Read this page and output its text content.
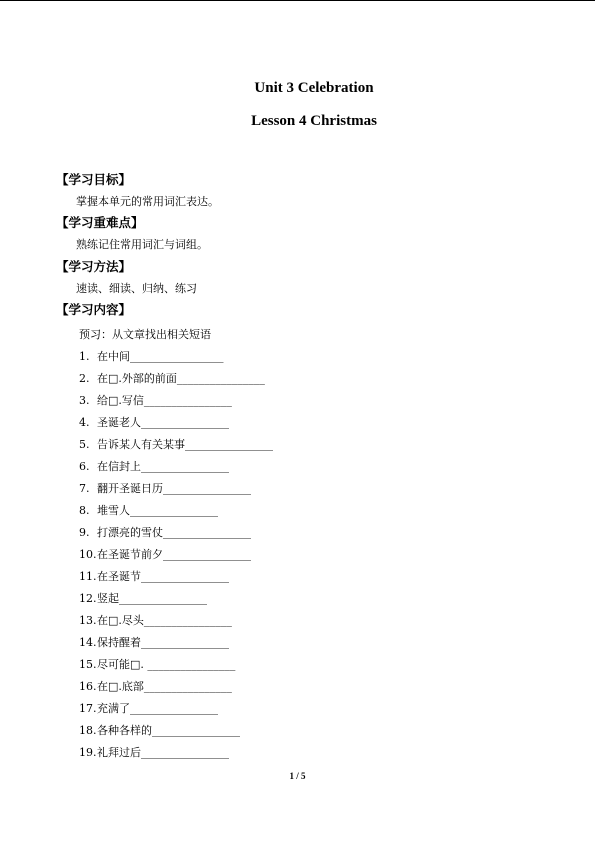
Unit 3 Celebration
Lesson 4 Christmas
【学习目标】
掌握本单元的常用词汇表达。
【学习重难点】
熟练记住常用词汇与词组。
【学习方法】
速读、细读、归纳、练习
【学习内容】
预习：从文章找出相关短语
1. 在中间_________________
2. 在□.外部的前面________________
3. 给□.写信________________
4. 圣诞老人________________
5. 告诉某人有关某事________________
6. 在信封上________________
7. 翻开圣诞日历________________
8. 堆雪人________________
9. 打漂亮的雪仗________________
10.在圣诞节前夕________________
11.在圣诞节________________
12.竖起________________
13.在□.尽头________________
14.保持醒着________________
15.尽可能□. ________________
16.在□.底部________________
17.充满了________________
18.各种各样的________________
19.礼拜过后________________
1 / 5
